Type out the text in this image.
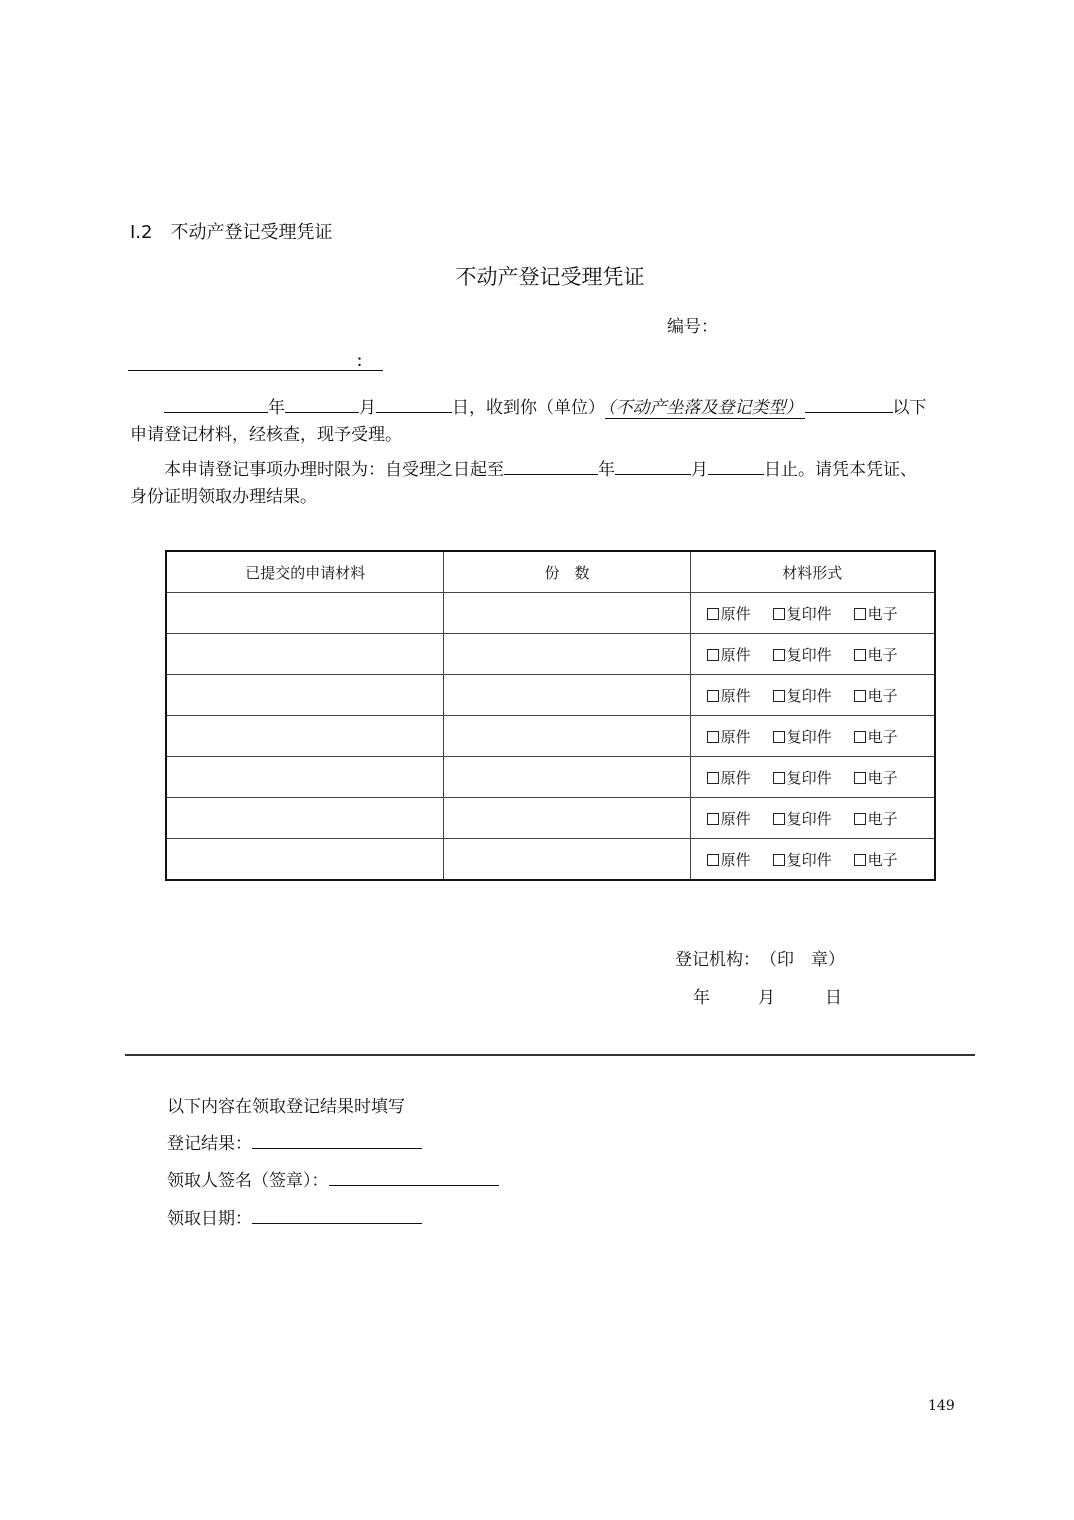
I.2　不动产登记受理凭证
不动产登记受理凭证
编号：
：
年	月	日，收到你（单位） （不动产坐落及登记类型）	以下
申请登记材料，经核查，现予受理。
本申请登记事项办理时限为：自受理之日起至	年	月	日止。请凭本凭证、
身份证明领取办理结果。
已提交的申请材料	份　数	材料形式
		原件 复印件 电子
		原件 复印件 电子
		原件 复印件 电子
		原件 复印件 电子
		原件 复印件 电子
		原件 复印件 电子
		原件 复印件 电子
登记机构：　（印　章）
年	月	日
以下内容在领取登记结果时填写
登记结果：
领取人签名（签章）：
领取日期：
149
